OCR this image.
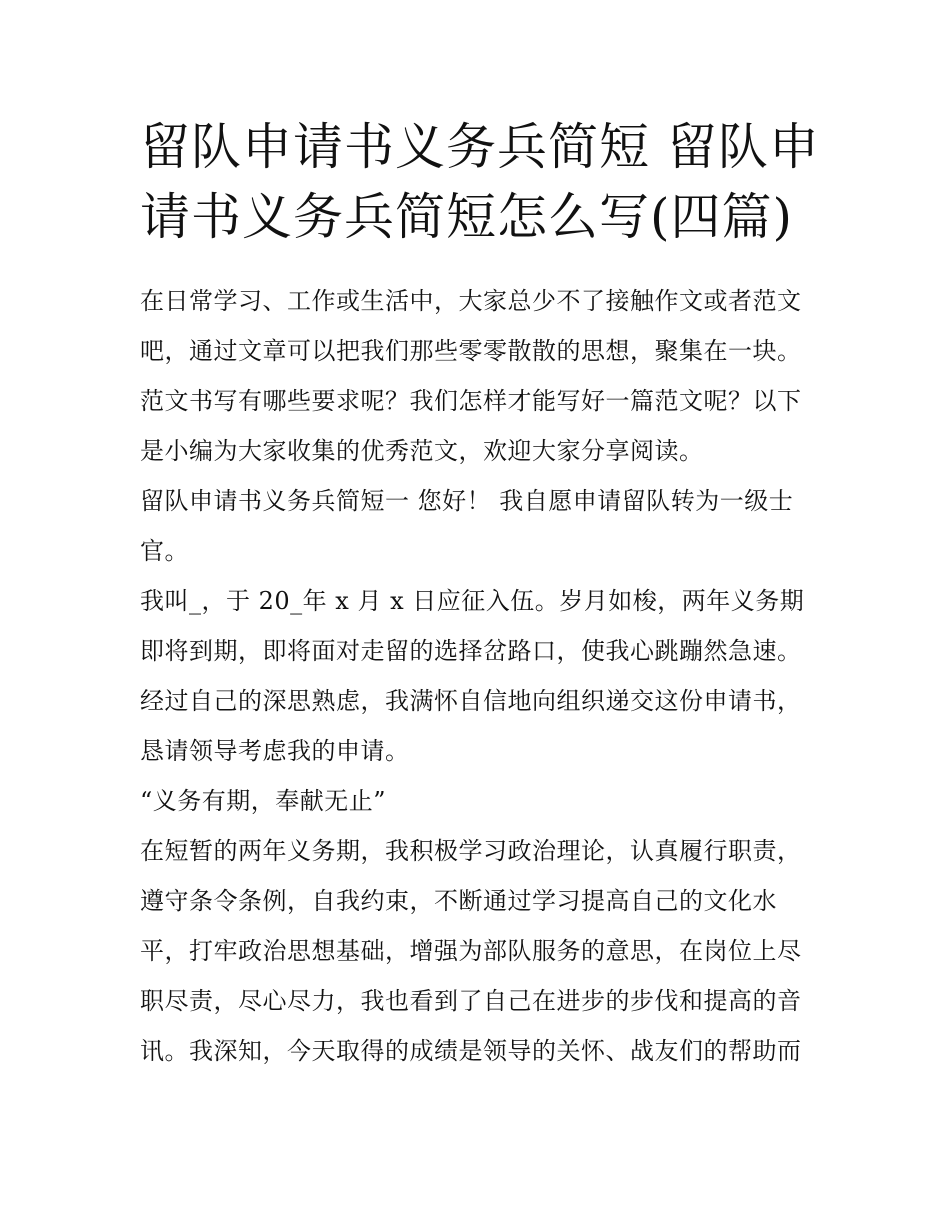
留队申请书义务兵简短 留队申
请书义务兵简短怎么写(四篇)
在日常学习、工作或生活中，大家总少不了接触作文或者范文
吧，通过文章可以把我们那些零零散散的思想，聚集在一块。
范文书写有哪些要求呢？我们怎样才能写好一篇范文呢？以下
是小编为大家收集的优秀范文，欢迎大家分享阅读。
留队申请书义务兵简短一 您好！ 我自愿申请留队转为一级士
官。
我叫_，于 20_年 x 月 x 日应征入伍。岁月如梭，两年义务期
即将到期，即将面对走留的选择岔路口，使我心跳蹦然急速。
经过自己的深思熟虑，我满怀自信地向组织递交这份申请书，
恳请领导考虑我的申请。
“义务有期，奉献无止”
在短暂的两年义务期，我积极学习政治理论，认真履行职责，
遵守条令条例，自我约束，不断通过学习提高自己的文化水
平，打牢政治思想基础，增强为部队服务的意思，在岗位上尽
职尽责，尽心尽力，我也看到了自己在进步的步伐和提高的音
讯。我深知，今天取得的成绩是领导的关怀、战友们的帮助而
